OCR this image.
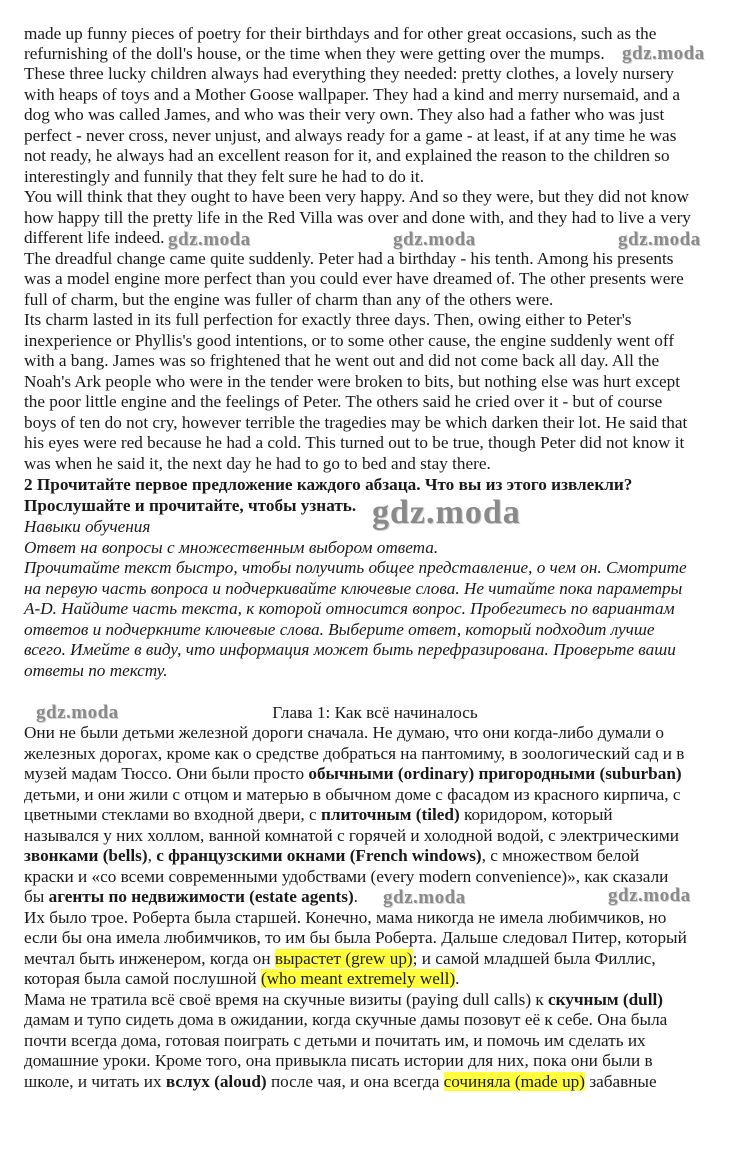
made up funny pieces of poetry for their birthdays and for other great occasions, such as the
refurnishing of the doll's house, or the time when they were getting over the mumps.
These three lucky children always had everything they needed: pretty clothes, a lovely nursery
with heaps of toys and a Mother Goose wallpaper. They had a kind and merry nursemaid, and a
dog who was called James, and who was their very own. They also had a father who was just
perfect - never cross, never unjust, and always ready for a game - at least, if at any time he was
not ready, he always had an excellent reason for it, and explained the reason to the children so
interestingly and funnily that they felt sure he had to do it.
You will think that they ought to have been very happy. And so they were, but they did not know
how happy till the pretty life in the Red Villa was over and done with, and they had to live a very
different life indeed.
The dreadful change came quite suddenly. Peter had a birthday - his tenth. Among his presents
was a model engine more perfect than you could ever have dreamed of. The other presents were
full of charm, but the engine was fuller of charm than any of the others were.
Its charm lasted in its full perfection for exactly three days. Then, owing either to Peter's
inexperience or Phyllis's good intentions, or to some other cause, the engine suddenly went off
with a bang. James was so frightened that he went out and did not come back all day. All the
Noah's Ark people who were in the tender were broken to bits, but nothing else was hurt except
the poor little engine and the feelings of Peter. The others said he cried over it - but of course
boys of ten do not cry, however terrible the tragedies may be which darken their lot. He said that
his eyes were red because he had a cold. This turned out to be true, though Peter did not know it
was when he said it, the next day he had to go to bed and stay there.
2 Прочитайте первое предложение каждого абзаца. Что вы из этого извлекли?
Прослушайте и прочитайте, чтобы узнать.
Навыки обучения
Ответ на вопросы с множественным выбором ответа.
Прочитайте текст быстро, чтобы получить общее представление, о чем он. Смотрите
на первую часть вопроса и подчеркивайте ключевые слова. Не читайте пока параметры
A-D. Найдите часть текста, к которой относится вопрос. Пробегитесь по вариантам
ответов и подчеркните ключевые слова. Выберите ответ, который подходит лучше
всего. Имейте в виду, что информация может быть перефразирована. Проверьте ваши
ответы по тексту.
Глава 1: Как всё начиналось
Они не были детьми железной дороги сначала. Не думаю, что они когда-либо думали о
железных дорогах, кроме как о средстве добраться на пантомиму, в зоологический сад и в
музей мадам Тюссо. Они были просто обычными (ordinary) пригородными (suburban)
детьми, и они жили с отцом и матерью в обычном доме с фасадом из красного кирпича, с
цветными стеклами во входной двери, с плиточным (tiled) коридором, который
назывался у них холлом, ванной комнатой с горячей и холодной водой, с электрическими
звонками (bells), с французскими окнами (French windows), с множеством белой
краски и «со всеми современными удобствами (every modern convenience)», как сказали
бы агенты по недвижимости (estate agents).
Их было трое. Роберта была старшей. Конечно, мама никогда не имела любимчиков, но
если бы она имела любимчиков, то им бы была Роберта. Дальше следовал Питер, который
мечтал быть инженером, когда он вырастет (grew up); и самой младшей была Филлис,
которая была самой послушной (who meant extremely well).
Мама не тратила всё своё время на скучные визиты (paying dull calls) к скучным (dull)
дамам и тупо сидеть дома в ожидании, когда скучные дамы позовут её к себе. Она была
почти всегда дома, готовая поиграть с детьми и почитать им, и помочь им сделать их
домашние уроки. Кроме того, она привыкла писать истории для них, пока они были в
школе, и читать их вслух (aloud) после чая, и она всегда сочиняла (made up) забавные
gdz.moda
gdz.moda	gdz.moda	gdz.moda
gdz.moda
gdz.moda
gdz.moda	gdz.moda
